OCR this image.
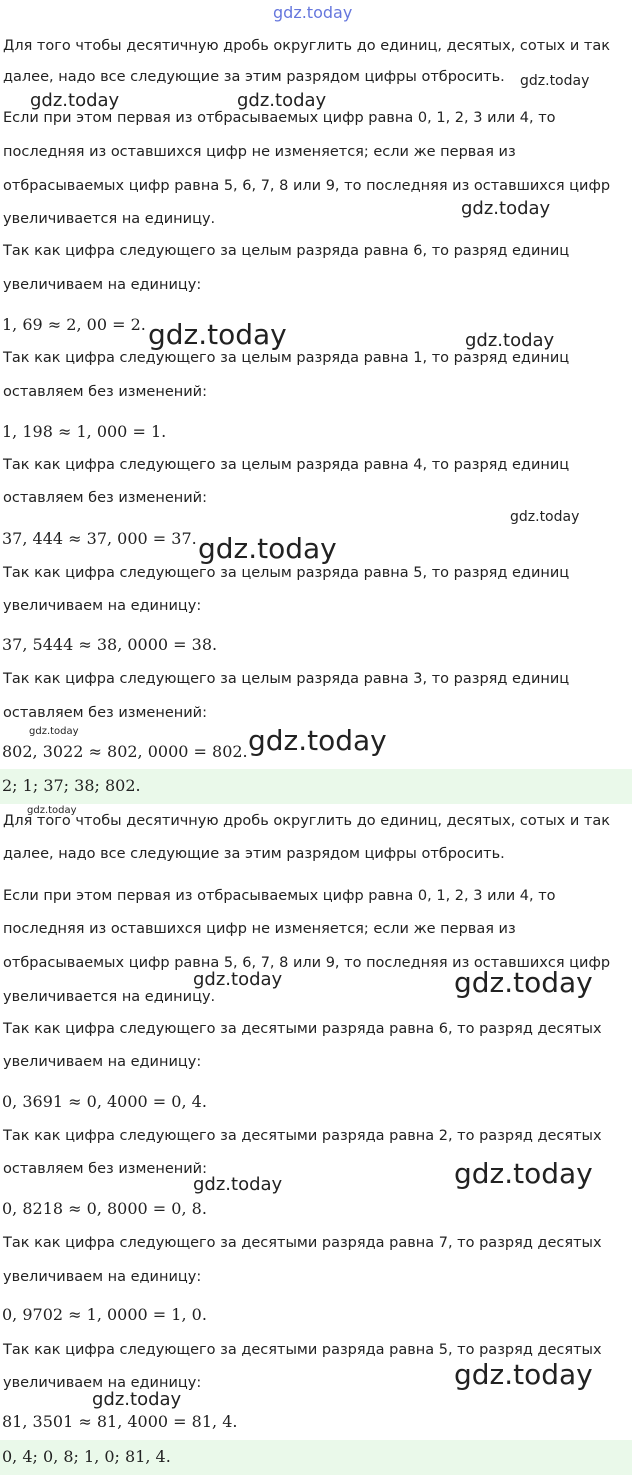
gdz.today
Для того чтобы десятичную дробь округлить до единиц, десятых, сотых и так
далее, надо все следующие за этим разрядом цифры отбросить.
Если при этом первая из отбрасываемых цифр равна 0, 1, 2, 3 или 4, то
последняя из оставшихся цифр не изменяется; если же первая из
отбрасываемых цифр равна 5, 6, 7, 8 или 9, то последняя из оставшихся цифр
увеличивается на единицу.
Так как цифра следующего за целым разряда равна 6, то разряд единиц
увеличиваем на единицу:
1, 69 ≈ 2, 00 = 2.
Так как цифра следующего за целым разряда равна 1, то разряд единиц
оставляем без изменений:
1, 198 ≈ 1, 000 = 1.
Так как цифра следующего за целым разряда равна 4, то разряд единиц
оставляем без изменений:
37, 444 ≈ 37, 000 = 37.
Так как цифра следующего за целым разряда равна 5, то разряд единиц
увеличиваем на единицу:
37, 5444 ≈ 38, 0000 = 38.
Так как цифра следующего за целым разряда равна 3, то разряд единиц
оставляем без изменений:
802, 3022 ≈ 802, 0000 = 802.
2; 1; 37; 38; 802.
Для того чтобы десятичную дробь округлить до единиц, десятых, сотых и так
далее, надо все следующие за этим разрядом цифры отбросить.
Если при этом первая из отбрасываемых цифр равна 0, 1, 2, 3 или 4, то
последняя из оставшихся цифр не изменяется; если же первая из
отбрасываемых цифр равна 5, 6, 7, 8 или 9, то последняя из оставшихся цифр
увеличивается на единицу.
Так как цифра следующего за десятыми разряда равна 6, то разряд десятых
увеличиваем на единицу:
0, 3691 ≈ 0, 4000 = 0, 4.
Так как цифра следующего за десятыми разряда равна 2, то разряд десятых
оставляем без изменений:
0, 8218 ≈ 0, 8000 = 0, 8.
Так как цифра следующего за десятыми разряда равна 7, то разряд десятых
увеличиваем на единицу:
0, 9702 ≈ 1, 0000 = 1, 0.
Так как цифра следующего за десятыми разряда равна 5, то разряд десятых
увеличиваем на единицу:
81, 3501 ≈ 81, 4000 = 81, 4.
0, 4; 0, 8; 1, 0; 81, 4.
gdz.today
gdz.today	gdz.today
gdz.today
gdz.today	gdz.today
gdz.today
gdz.today
gdz.today	gdz.today
gdz.today
gdz.today	gdz.today
gdz.today
gdz.today
gdz.today
gdz.today
